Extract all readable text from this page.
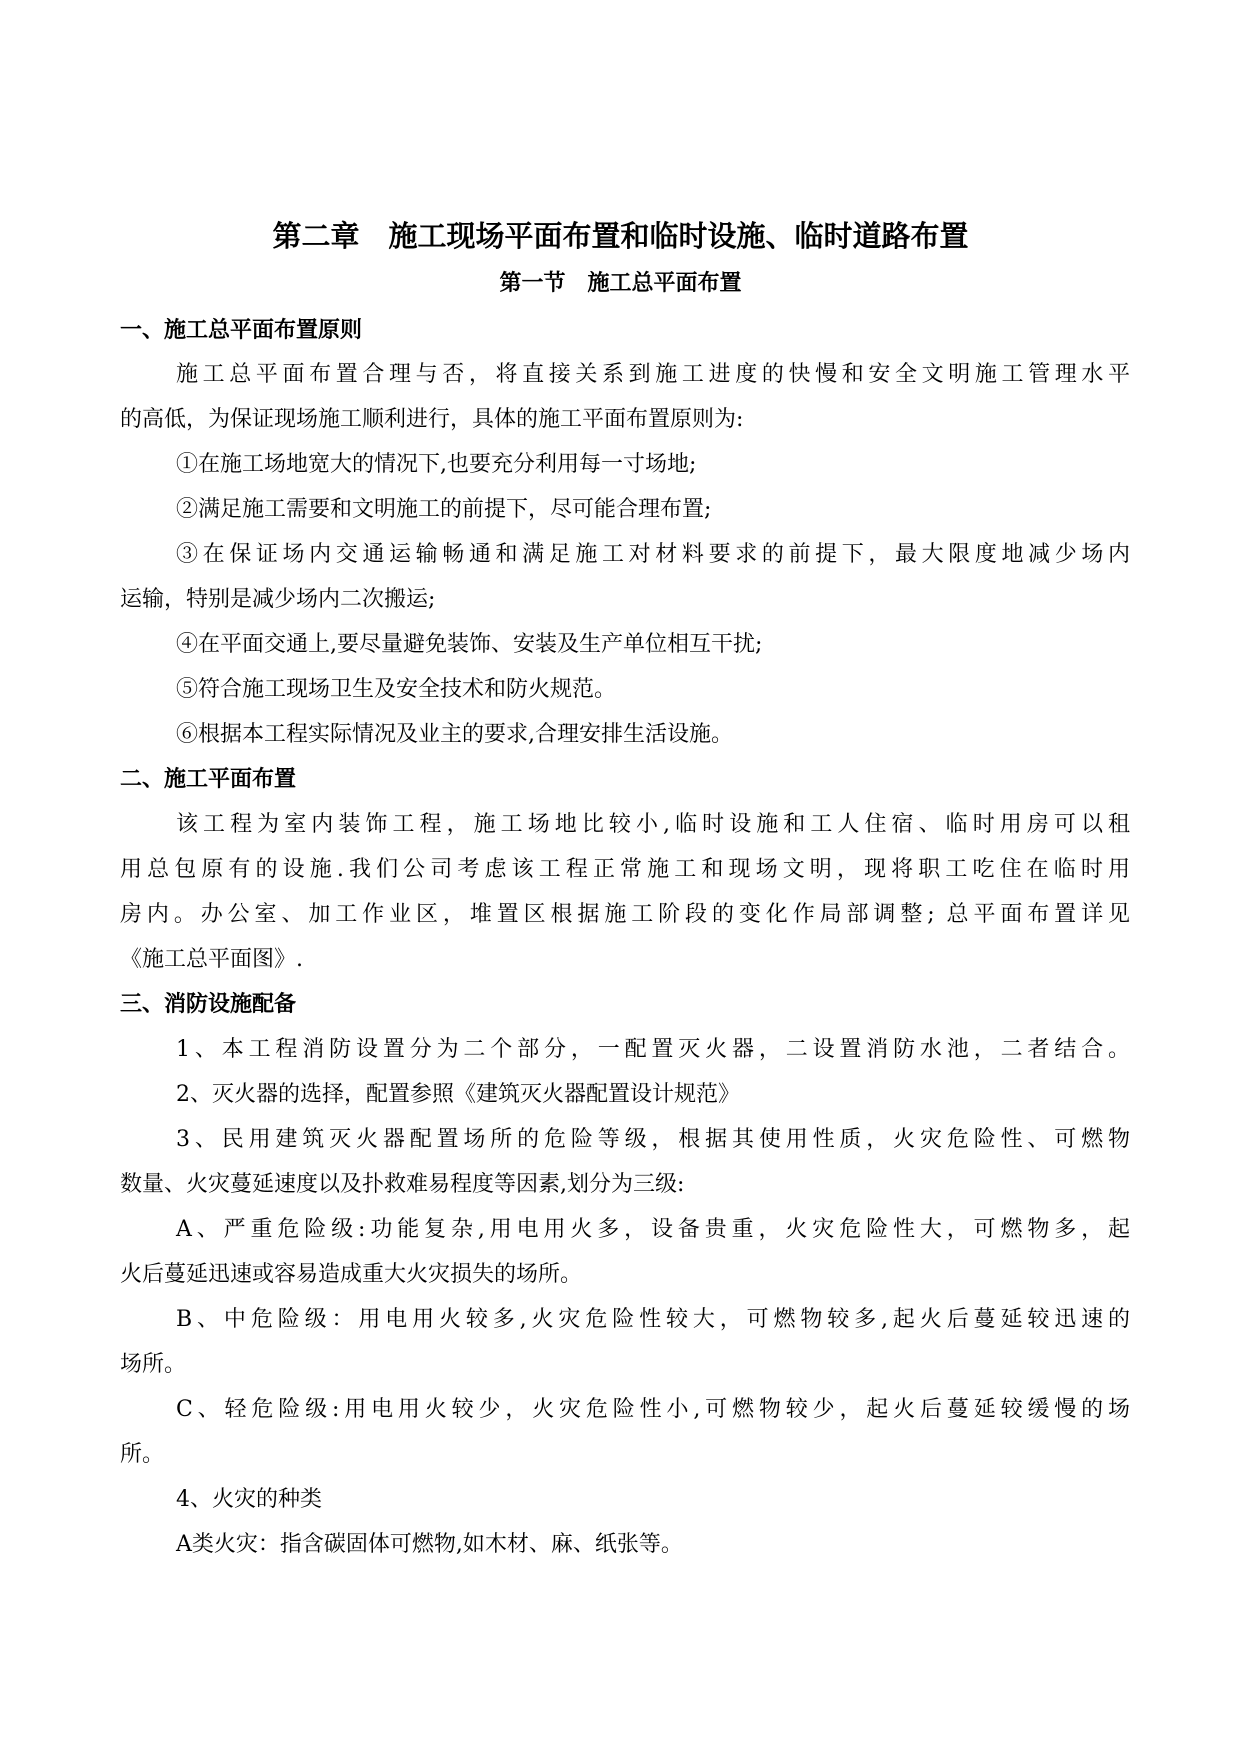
第二章　施工现场平面布置和临时设施、临时道路布置
第一节　施工总平面布置
一、施工总平面布置原则
施工总平面布置合理与否，将直接关系到施工进度的快慢和安全文明施工管理水平
的高低，为保证现场施工顺利进行，具体的施工平面布置原则为:
①在施工场地宽大的情况下,也要充分利用每一寸场地;
②满足施工需要和文明施工的前提下，尽可能合理布置;
③在保证场内交通运输畅通和满足施工对材料要求的前提下，最大限度地减少场内
运输，特别是减少场内二次搬运;
④在平面交通上,要尽量避免装饰、安装及生产单位相互干扰;
⑤符合施工现场卫生及安全技术和防火规范。
⑥根据本工程实际情况及业主的要求,合理安排生活设施。
二、施工平面布置
该工程为室内装饰工程，施工场地比较小,临时设施和工人住宿、临时用房可以租
用总包原有的设施.我们公司考虑该工程正常施工和现场文明，现将职工吃住在临时用
房内。办公室、加工作业区，堆置区根据施工阶段的变化作局部调整; 总平面布置详见
《施工总平面图》.
三、消防设施配备
1、本工程消防设置分为二个部分，一配置灭火器，二设置消防水池，二者结合。
2、灭火器的选择，配置参照《建筑灭火器配置设计规范》
3、民用建筑灭火器配置场所的危险等级，根据其使用性质，火灾危险性、可燃物
数量、火灾蔓延速度以及扑救难易程度等因素,划分为三级:
A、严重危险级:功能复杂,用电用火多，设备贵重，火灾危险性大，可燃物多，起
火后蔓延迅速或容易造成重大火灾损失的场所。
B、中危险级：用电用火较多,火灾危险性较大，可燃物较多,起火后蔓延较迅速的
场所。
C、轻危险级:用电用火较少，火灾危险性小,可燃物较少，起火后蔓延较缓慢的场
所。
4、火灾的种类
A类火灾：指含碳固体可燃物,如木材、麻、纸张等。
